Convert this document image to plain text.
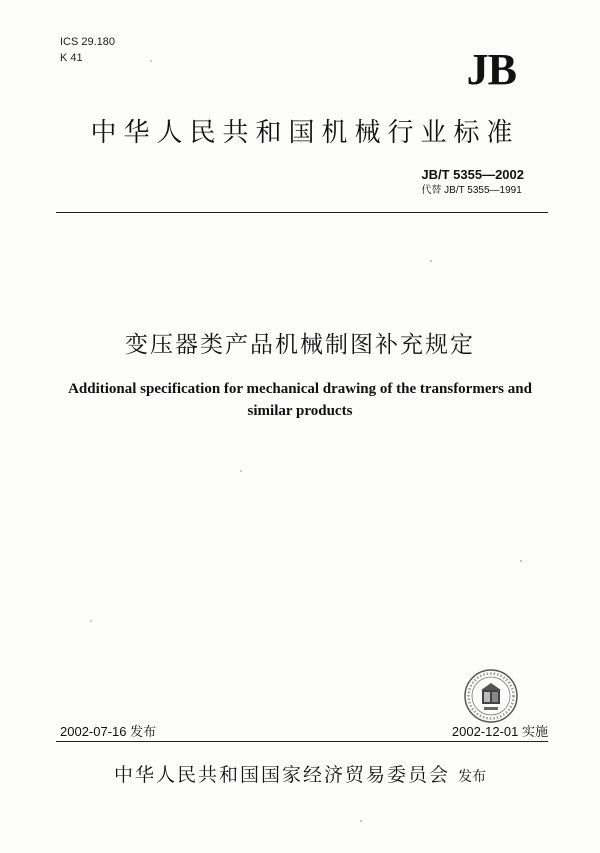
ICS 29.180
K 41	JB
中华人民共和国机械行业标准
JB/T 5355—2002
代替 JB/T 5355—1991
变压器类产品机械制图补充规定
Additional specification for mechanical drawing of the transformers and
similar products
2002-07-16 发布	2002-12-01 实施
中华人民共和国国家经济贸易委员会 发布
